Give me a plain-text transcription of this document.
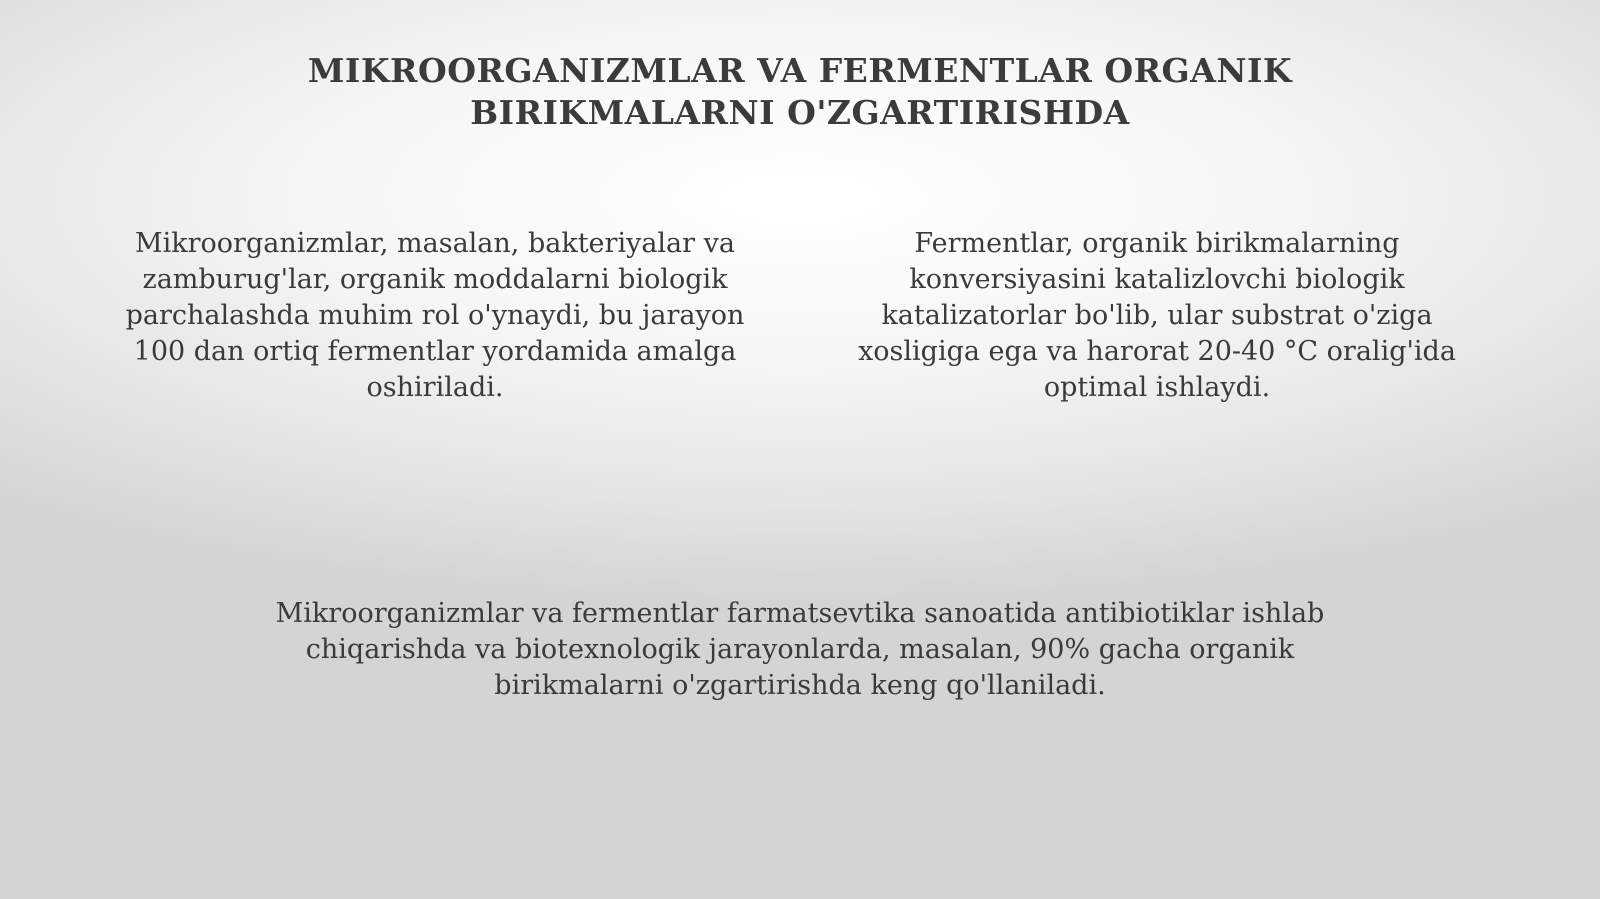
MIKROORGANIZMLAR VA FERMENTLAR ORGANIK BIRIKMALARNI O'ZGARTIRISHDA

Mikroorganizmlar, masalan, bakteriyalar va zamburug'lar, organik moddalarni biologik parchalashda muhim rol o'ynaydi, bu jarayon 100 dan ortiq fermentlar yordamida amalga oshiriladi.

Fermentlar, organik birikmalarning konversiyasini katalizlovchi biologik katalizatorlar bo'lib, ular substrat o'ziga xosligiga ega va harorat 20-40 °C oralig'ida optimal ishlaydi.

Mikroorganizmlar va fermentlar farmatsevtika sanoatida antibiotiklar ishlab chiqarishda va biotexnologik jarayonlarda, masalan, 90% gacha organik birikmalarni o'zgartirishda keng qo'llaniladi.
